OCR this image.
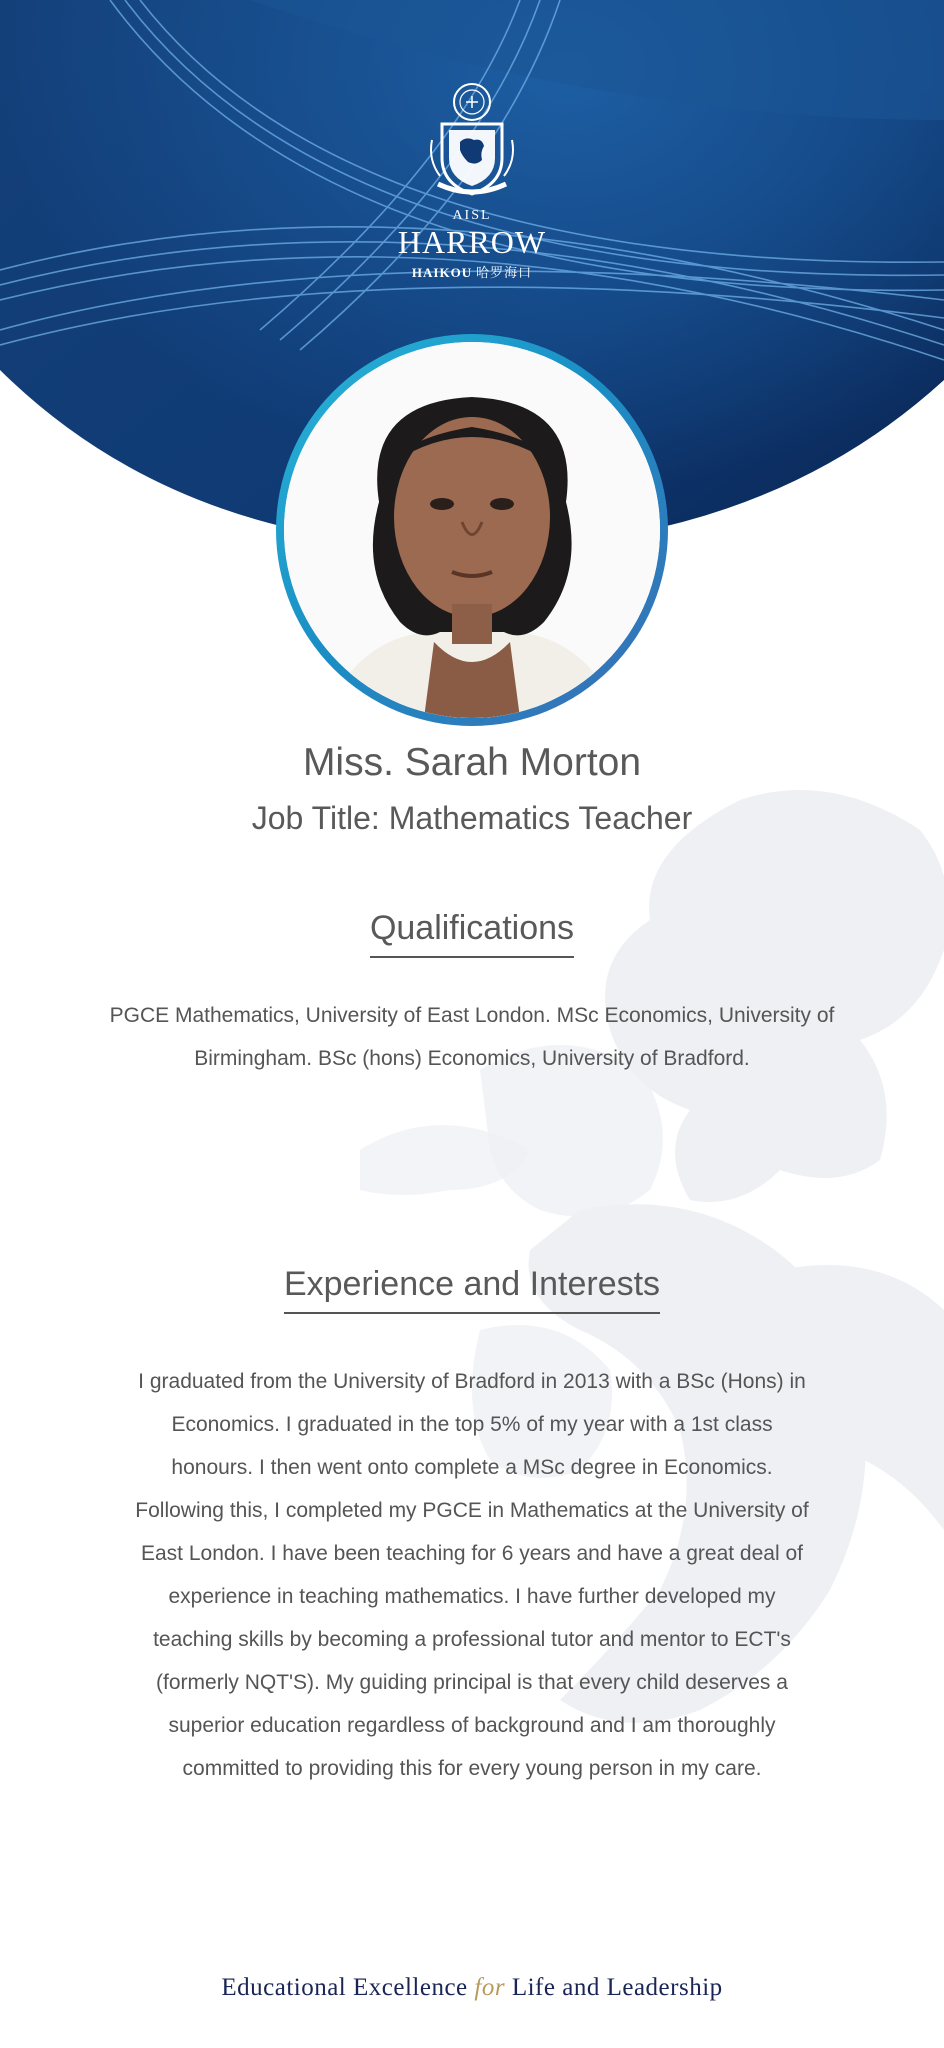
AISL
HARROW
HAIKOU 哈罗海口
Miss. Sarah Morton
Job Title: Mathematics Teacher
Qualifications
PGCE Mathematics, University of East London. MSc Economics, University of Birmingham. BSc (hons) Economics, University of Bradford.
Experience and Interests
I graduated from the University of Bradford in 2013 with a BSc (Hons) in Economics. I graduated in the top 5% of my year with a 1st class honours. I then went onto complete a MSc degree in Economics. Following this, I completed my PGCE in Mathematics at the University of East London. I have been teaching for 6 years and have a great deal of experience in teaching mathematics. I have further developed my teaching skills by becoming a professional tutor and mentor to ECT's (formerly NQT'S). My guiding principal is that every child deserves a superior education regardless of background and I am thoroughly committed to providing this for every young person in my care.
Educational Excellence for Life and Leadership
